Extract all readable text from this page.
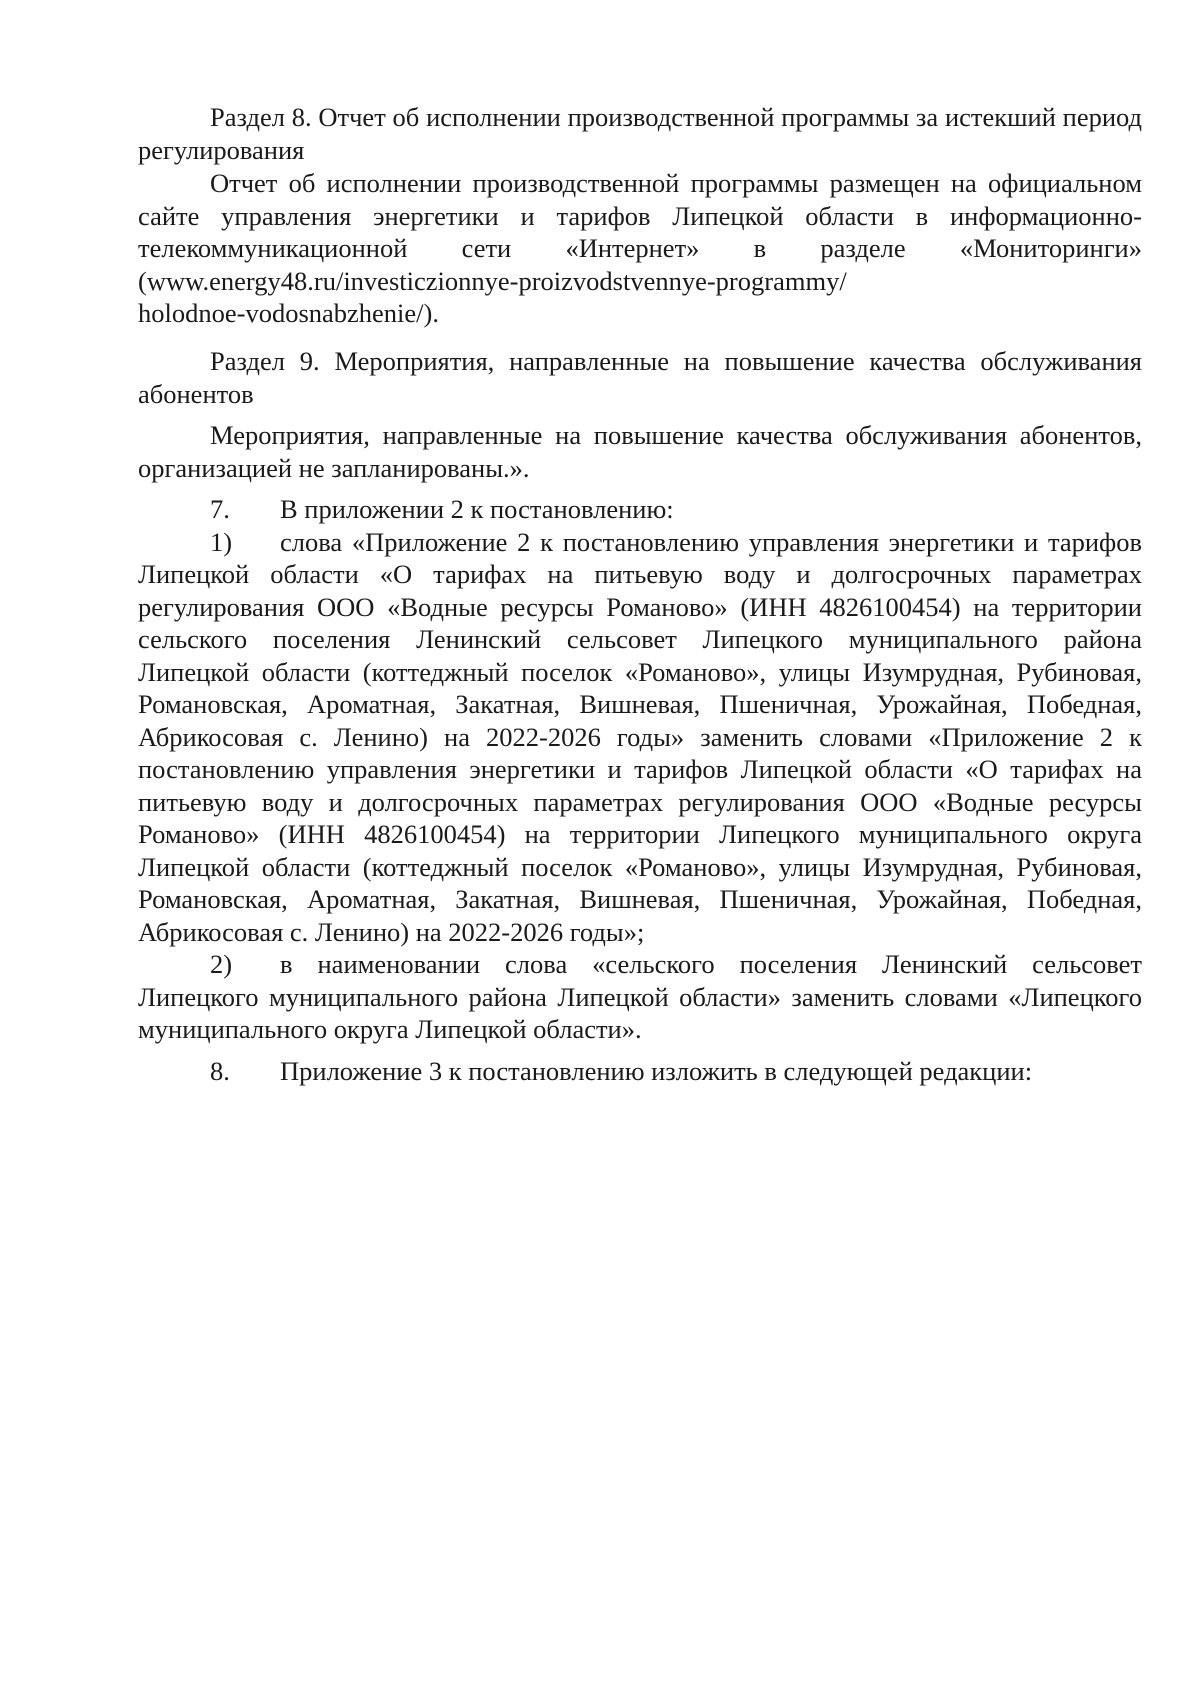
Раздел 8. Отчет об исполнении производственной программы за истекший период регулирования

Отчет об исполнении производственной программы размещен на официальном сайте управления энергетики и тарифов Липецкой области в информационно-телекоммуникационной сети «Интернет» в разделе «Мониторинги» (www.energy48.ru/investiczionnye-proizvodstvennye-programmy/
holodnoe-vodosnabzhenie/).

Раздел 9. Мероприятия, направленные на повышение качества обслуживания абонентов

Мероприятия, направленные на повышение качества обслуживания абонентов, организацией не запланированы.».

7. В приложении 2 к постановлению:

1) слова «Приложение 2 к постановлению управления энергетики и тарифов Липецкой области «О тарифах на питьевую воду и долгосрочных параметрах регулирования ООО «Водные ресурсы Романово» (ИНН 4826100454) на территории сельского поселения Ленинский сельсовет Липецкого муниципального района Липецкой области (коттеджный поселок «Романово», улицы Изумрудная, Рубиновая, Романовская, Ароматная, Закатная, Вишневая, Пшеничная, Урожайная, Победная, Абрикосовая с. Ленино) на 2022-2026 годы» заменить словами «Приложение 2 к постановлению управления энергетики и тарифов Липецкой области «О тарифах на питьевую воду и долгосрочных параметрах регулирования ООО «Водные ресурсы Романово» (ИНН 4826100454) на территории Липецкого муниципального округа Липецкой области (коттеджный поселок «Романово», улицы Изумрудная, Рубиновая, Романовская, Ароматная, Закатная, Вишневая, Пшеничная, Урожайная, Победная, Абрикосовая с. Ленино) на 2022-2026 годы»;

2) в наименовании слова «сельского поселения Ленинский сельсовет Липецкого муниципального района Липецкой области» заменить словами «Липецкого муниципального округа Липецкой области».

8. Приложение 3 к постановлению изложить в следующей редакции:
